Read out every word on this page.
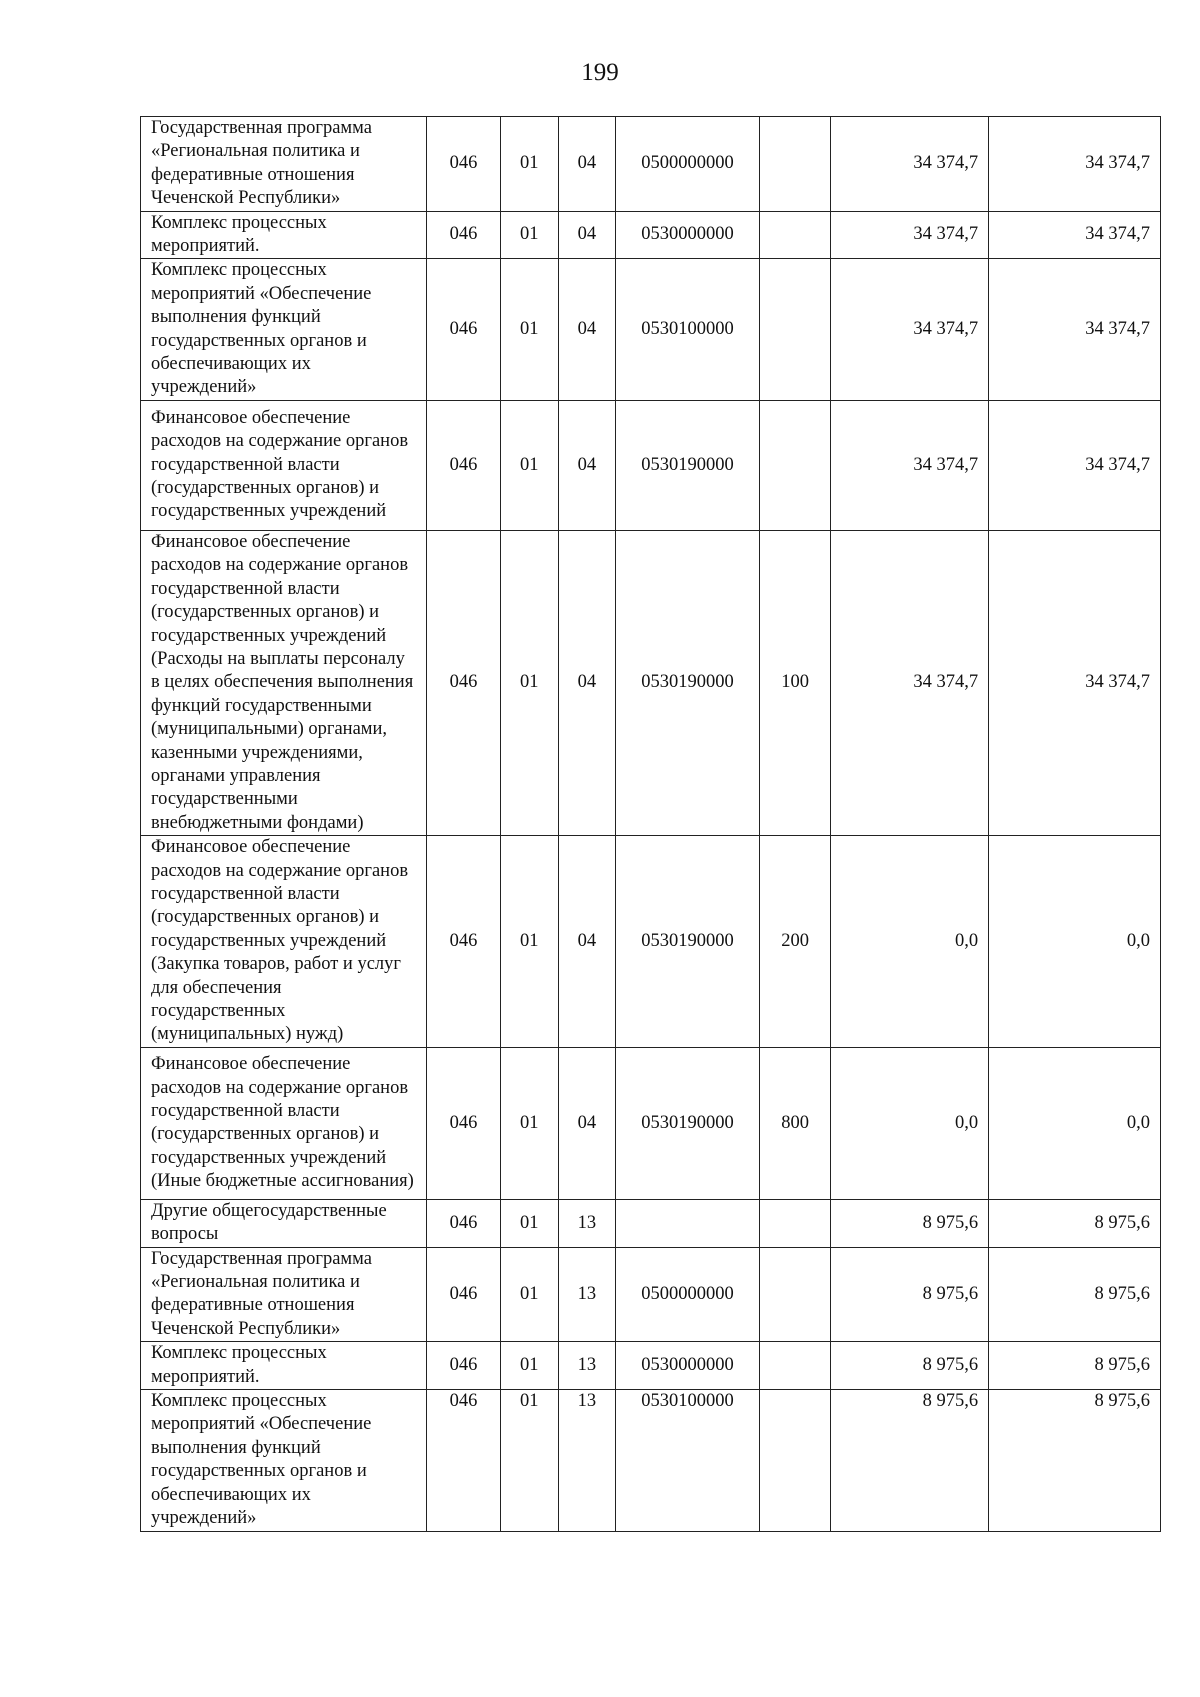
199
Государственная программа «Региональная политика и федеративные отношения Чеченской Республики»	046	01	04	0500000000		34 374,7	34 374,7
Комплекс процессных мероприятий.	046	01	04	0530000000		34 374,7	34 374,7
Комплекс процессных мероприятий «Обеспечение выполнения функций государственных органов и обеспечивающих их учреждений»	046	01	04	0530100000		34 374,7	34 374,7
Финансовое обеспечение расходов на содержание органов государственной власти (государственных органов) и государственных учреждений	046	01	04	0530190000		34 374,7	34 374,7
Финансовое обеспечение расходов на содержание органов государственной власти (государственных органов) и государственных учреждений (Расходы на выплаты персоналу в целях обеспечения выполнения функций государственными (муниципальными) органами, казенными учреждениями, органами управления государственными внебюджетными фондами)	046	01	04	0530190000	100	34 374,7	34 374,7
Финансовое обеспечение расходов на содержание органов государственной власти (государственных органов) и государственных учреждений (Закупка товаров, работ и услуг для обеспечения государственных (муниципальных) нужд)	046	01	04	0530190000	200	0,0	0,0
Финансовое обеспечение расходов на содержание органов государственной власти (государственных органов) и государственных учреждений (Иные бюджетные ассигнования)	046	01	04	0530190000	800	0,0	0,0
Другие общегосударственные вопросы	046	01	13			8 975,6	8 975,6
Государственная программа «Региональная политика и федеративные отношения Чеченской Республики»	046	01	13	0500000000		8 975,6	8 975,6
Комплекс процессных мероприятий.	046	01	13	0530000000		8 975,6	8 975,6
Комплекс процессных мероприятий «Обеспечение выполнения функций государственных органов и обеспечивающих их учреждений»	046	01	13	0530100000		8 975,6	8 975,6
